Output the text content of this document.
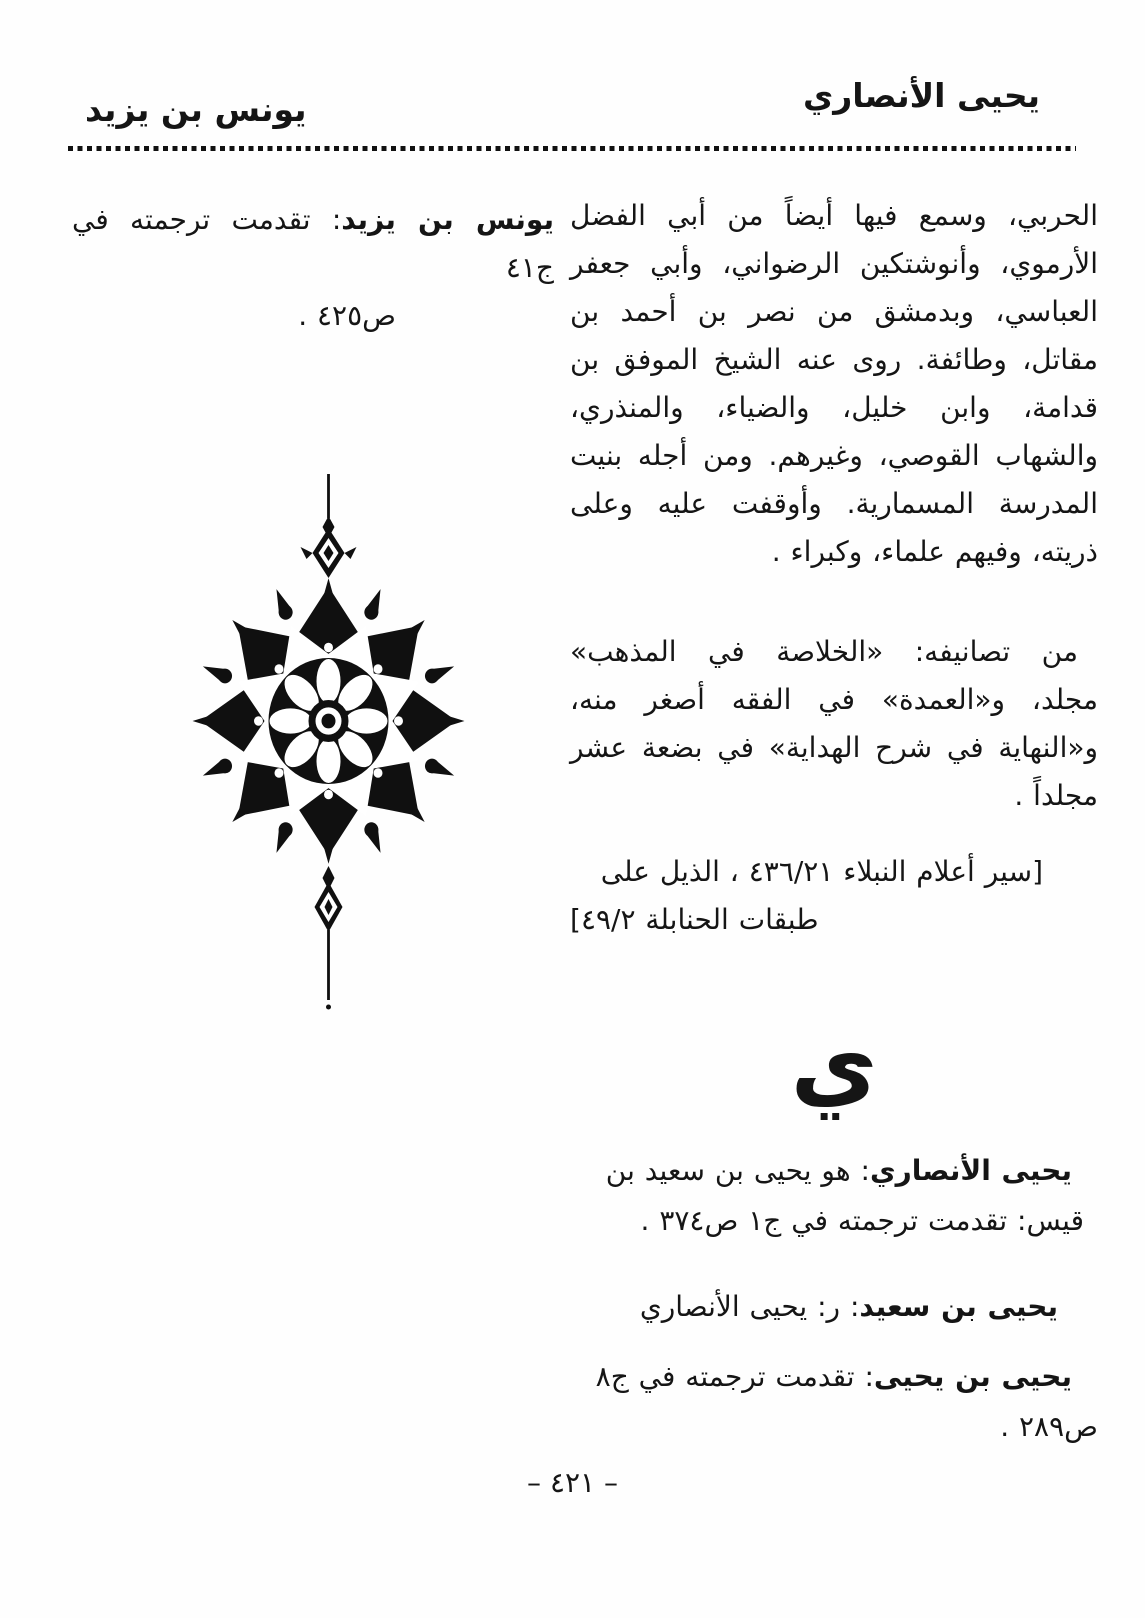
يحيى الأنصاري
يونس بن يزيد

يونس بن يزيد: تقدمت ترجمته في ج٤١
ص٤٢٥ .

الحربي، وسمع فيها أيضاً من أبي الفضل
الأرموي، وأنوشتكين الرضواني، وأبي جعفر
العباسي، وبدمشق من نصر بن أحمد بن
مقاتل، وطائفة. روى عنه الشيخ الموفق بن
قدامة، وابن خليل، والضياء، والمنذري،
والشهاب القوصي، وغيرهم. ومن أجله بنيت
المدرسة المسمارية. وأوقفت عليه وعلى
ذريته، وفيهم علماء، وكبراء .
من تصانيفه: «الخلاصة في المذهب»
مجلد، و«العمدة» في الفقه أصغر منه،
و«النهاية في شرح الهداية» في بضعة عشر
مجلداً .
[سير أعلام النبلاء ٤٣٦/٢١ ، الذيل على
طبقات الحنابلة ٤٩/٢]
ي

يحيى الأنصاري: هو يحيى بن سعيد بن
قيس: تقدمت ترجمته في ج١ ص٣٧٤ .

يحيى بن سعيد: ر: يحيى الأنصاري

يحيى بن يحيى: تقدمت ترجمته في ج٨
ص٢٨٩ .

– ٤٢١ –
